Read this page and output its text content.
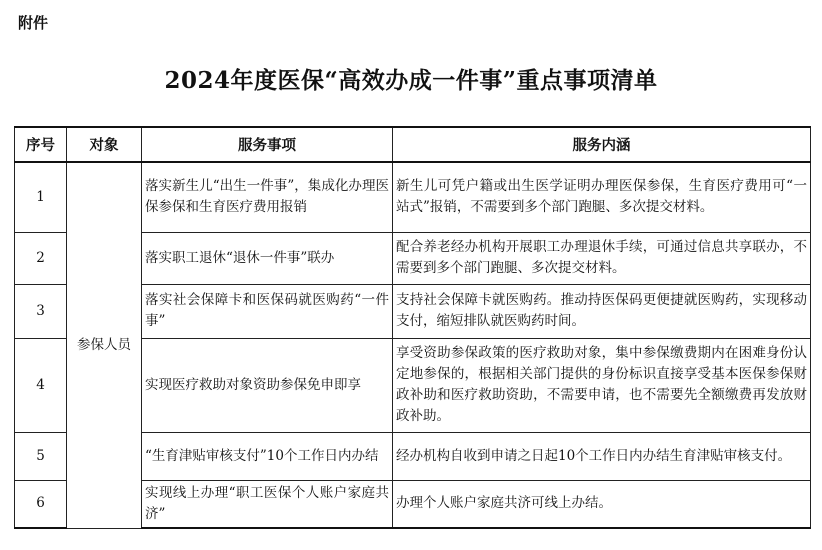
附件
2024年度医保“高效办成一件事”重点事项清单
序号	对象	服务事项	服务内涵
1	参保人员	落实新生儿“出生一件事”，集成化办理医保参保和生育医疗费用报销	新生儿可凭户籍或出生医学证明办理医保参保，生育医疗费用可“一站式”报销，不需要到多个部门跑腿、多次提交材料。
2		落实职工退休“退休一件事”联办	配合养老经办机构开展职工办理退休手续，可通过信息共享联办，不需要到多个部门跑腿、多次提交材料。
3		落实社会保障卡和医保码就医购药“一件事”	支持社会保障卡就医购药。推动持医保码更便捷就医购药，实现移动支付，缩短排队就医购药时间。
4		实现医疗救助对象资助参保免申即享	享受资助参保政策的医疗救助对象，集中参保缴费期内在困难身份认定地参保的，根据相关部门提供的身份标识直接享受基本医保参保财政补助和医疗救助资助，不需要申请，也不需要先全额缴费再发放财政补助。
5		“生育津贴审核支付”10个工作日内办结	经办机构自收到申请之日起10个工作日内办结生育津贴审核支付。
6		实现线上办理“职工医保个人账户家庭共济”	办理个人账户家庭共济可线上办结。
